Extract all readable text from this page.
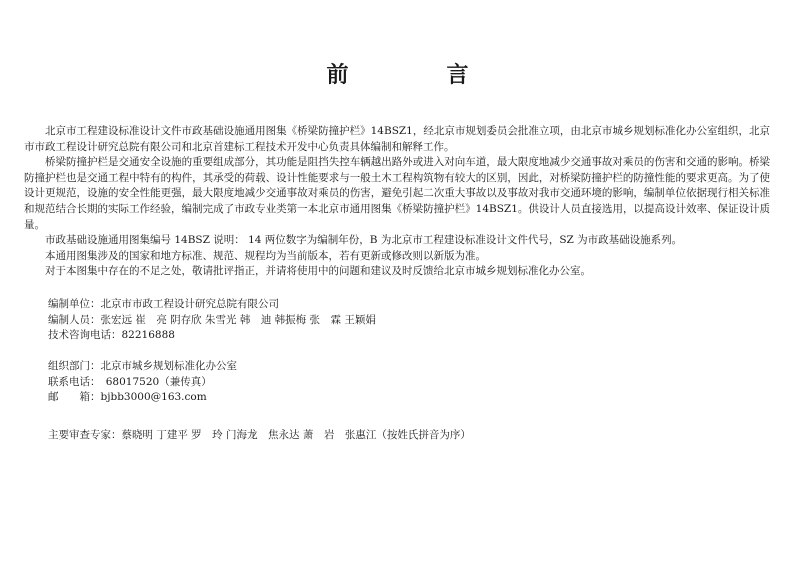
前　言

北京市工程建设标准设计文件市政基础设施通用图集《桥梁防撞护栏》14BSZ1，经北京市规划委员会批准立项，由北京市城乡规划标准化办公室组织，北京市市政工程设计研究总院有限公司和北京首建标工程技术开发中心负责具体编制和解释工作。

桥梁防撞护栏是交通安全设施的重要组成部分，其功能是阻挡失控车辆越出路外或进入对向车道，最大限度地减少交通事故对乘员的伤害和交通的影响。桥梁防撞护栏也是交通工程中特有的构件，其承受的荷载、设计性能要求与一般土木工程构筑物有较大的区别，因此，对桥梁防撞护栏的防撞性能的要求更高。为了使设计更规范，设施的安全性能更强，最大限度地减少交通事故对乘员的伤害，避免引起二次重大事故以及事故对我市交通环境的影响，编制单位依据现行相关标准和规范结合长期的实际工作经验，编制完成了市政专业类第一本北京市通用图集《桥梁防撞护栏》14BSZ1。供设计人员直接选用，以提高设计效率、保证设计质量。

市政基础设施通用图集编号 14BSZ 说明： 14 两位数字为编制年份，B 为北京市工程建设标准设计文件代号，SZ 为市政基础设施系列。

本通用图集涉及的国家和地方标准、规范、规程均为当前版本，若有更新或修改则以新版为准。

对于本图集中存在的不足之处，敬请批评指正，并请将使用中的问题和建议及时反馈给北京市城乡规划标准化办公室。

编制单位：北京市市政工程设计研究总院有限公司
编制人员：张宏远 崔　亮 阴存欣 朱雪光 韩　迪 韩振梅 张　霖 王颖娟
技术咨询电话：82216888
组织部门：北京市城乡规划标准化办公室
联系电话：　68017520（兼传真）
邮　　箱：bjbb3000@163.com
主要审查专家：蔡晓明 丁建平 罗　玲 门海龙　焦永达 萧　岩　张惠江（按姓氏拼音为序）
